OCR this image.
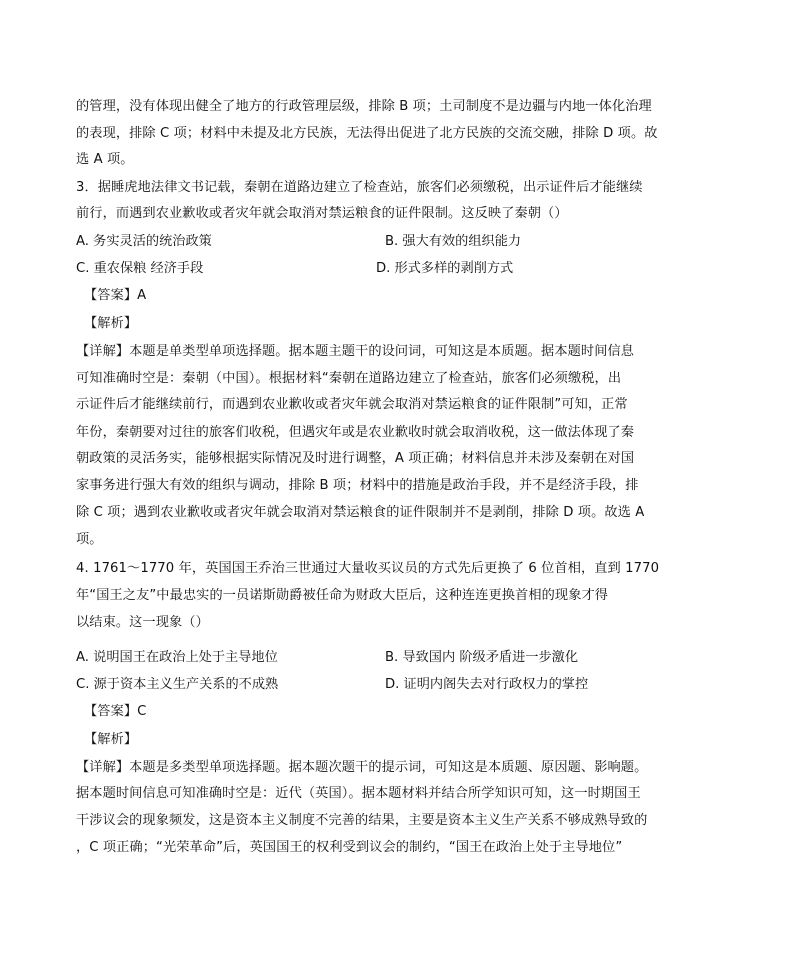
的管理，没有体现出健全了地方的行政管理层级，排除 B 项；土司制度不是边疆与内地一体化治理
的表现，排除 C 项；材料中未提及北方民族，无法得出促进了北方民族的交流交融，排除 D 项。故
选 A 项。
3．据睡虎地法律文书记载，秦朝在道路边建立了检查站，旅客们必须缴税，出示证件后才能继续
前行，而遇到农业歉收或者灾年就会取消对禁运粮食的证件限制。这反映了秦朝（）
A. 务实灵活的统治政策	B. 强大有效的组织能力
C. 重农保粮 经济手段	D. 形式多样的剥削方式
【答案】A
【解析】
【详解】本题是单类型单项选择题。据本题主题干的设问词，可知这是本质题。据本题时间信息
可知准确时空是：秦朝（中国）。根据材料“秦朝在道路边建立了检查站，旅客们必须缴税，出
示证件后才能继续前行，而遇到农业歉收或者灾年就会取消对禁运粮食的证件限制”可知，正常
年份，秦朝要对过往的旅客们收税，但遇灾年或是农业歉收时就会取消收税，这一做法体现了秦
朝政策的灵活务实，能够根据实际情况及时进行调整，A 项正确；材料信息并未涉及秦朝在对国
家事务进行强大有效的组织与调动，排除 B 项；材料中的措施是政治手段，并不是经济手段，排
除 C 项；遇到农业歉收或者灾年就会取消对禁运粮食的证件限制并不是剥削，排除 D 项。故选 A
项。
4. 1761～1770 年，英国国王乔治三世通过大量收买议员的方式先后更换了 6 位首相，直到 1770
年“国王之友”中最忠实的一员诺斯勋爵被任命为财政大臣后，这种连连更换首相的现象才得
以结束。这一现象（）
A. 说明国王在政治上处于主导地位	B. 导致国内 阶级矛盾进一步激化
C. 源于资本主义生产关系的不成熟	D. 证明内阁失去对行政权力的掌控
【答案】C
【解析】
【详解】本题是多类型单项选择题。据本题次题干的提示词，可知这是本质题、原因题、影响题。
据本题时间信息可知准确时空是：近代（英国）。据本题材料并结合所学知识可知，这一时期国王
干涉议会的现象频发，这是资本主义制度不完善的结果，主要是资本主义生产关系不够成熟导致的
，C 项正确；“光荣革命”后，英国国王的权利受到议会的制约，“国王在政治上处于主导地位”
